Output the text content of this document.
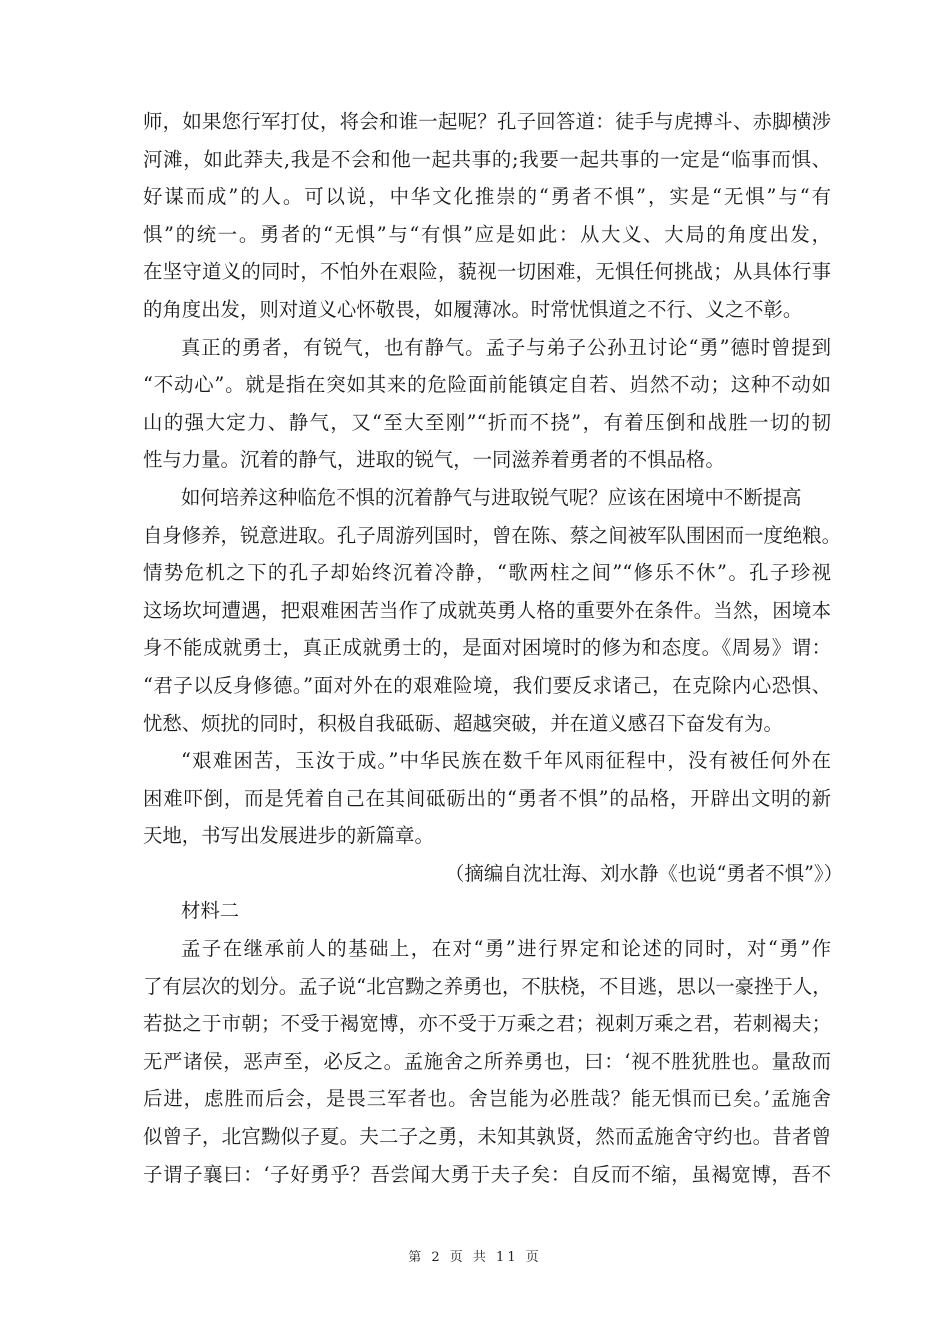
师，如果您行军打仗，将会和谁一起呢？孔子回答道：徒手与虎搏斗、赤脚横涉
河滩，如此莽夫,我是不会和他一起共事的;我要一起共事的一定是“临事而惧、
好谋而成”的人。可以说，中华文化推崇的“勇者不惧”，实是“无惧”与“有
惧”的统一。勇者的“无惧”与“有惧”应是如此：从大义、大局的角度出发，
在坚守道义的同时，不怕外在艰险，藐视一切困难，无惧任何挑战；从具体行事
的角度出发，则对道义心怀敬畏，如履薄冰。时常忧惧道之不行、义之不彰。
真正的勇者，有锐气，也有静气。孟子与弟子公孙丑讨论“勇”德时曾提到
“不动心”。就是指在突如其来的危险面前能镇定自若、岿然不动；这种不动如
山的强大定力、静气，又“至大至刚”“折而不挠”，有着压倒和战胜一切的韧
性与力量。沉着的静气，进取的锐气，一同滋养着勇者的不惧品格。
如何培养这种临危不惧的沉着静气与进取锐气呢？应该在困境中不断提高
自身修养，锐意进取。孔子周游列国时，曾在陈、蔡之间被军队围困而一度绝粮。
情势危机之下的孔子却始终沉着冷静，“歌两柱之间”“修乐不休”。孔子珍视
这场坎坷遭遇，把艰难困苦当作了成就英勇人格的重要外在条件。当然，困境本
身不能成就勇士，真正成就勇士的，是面对困境时的修为和态度。《周易》谓：
“君子以反身修德。”面对外在的艰难险境，我们要反求诸己，在克除内心恐惧、
忧愁、烦扰的同时，积极自我砥砺、超越突破，并在道义感召下奋发有为。
“艰难困苦，玉汝于成。”中华民族在数千年风雨征程中，没有被任何外在
困难吓倒，而是凭着自己在其间砥砺出的“勇者不惧”的品格，开辟出文明的新
天地，书写出发展进步的新篇章。
（摘编自沈壮海、刘水静《也说“勇者不惧”》）
材料二
孟子在继承前人的基础上，在对“勇”进行界定和论述的同时，对“勇”作
了有层次的划分。孟子说“北宫黝之养勇也，不肤桡，不目逃，思以一豪挫于人，
若挞之于市朝；不受于褐宽博，亦不受于万乘之君；视刺万乘之君，若刺褐夫；
无严诸侯，恶声至，必反之。孟施舍之所养勇也，曰：‘视不胜犹胜也。量敌而
后进，虑胜而后会，是畏三军者也。舍岂能为必胜哉？能无惧而已矣。’孟施舍
似曾子，北宫黝似子夏。夫二子之勇，未知其孰贤，然而孟施舍守约也。昔者曾
子谓子襄曰：‘子好勇乎？吾尝闻大勇于夫子矣：自反而不缩，虽褐宽博，吾不
第 2 页 共 11 页
